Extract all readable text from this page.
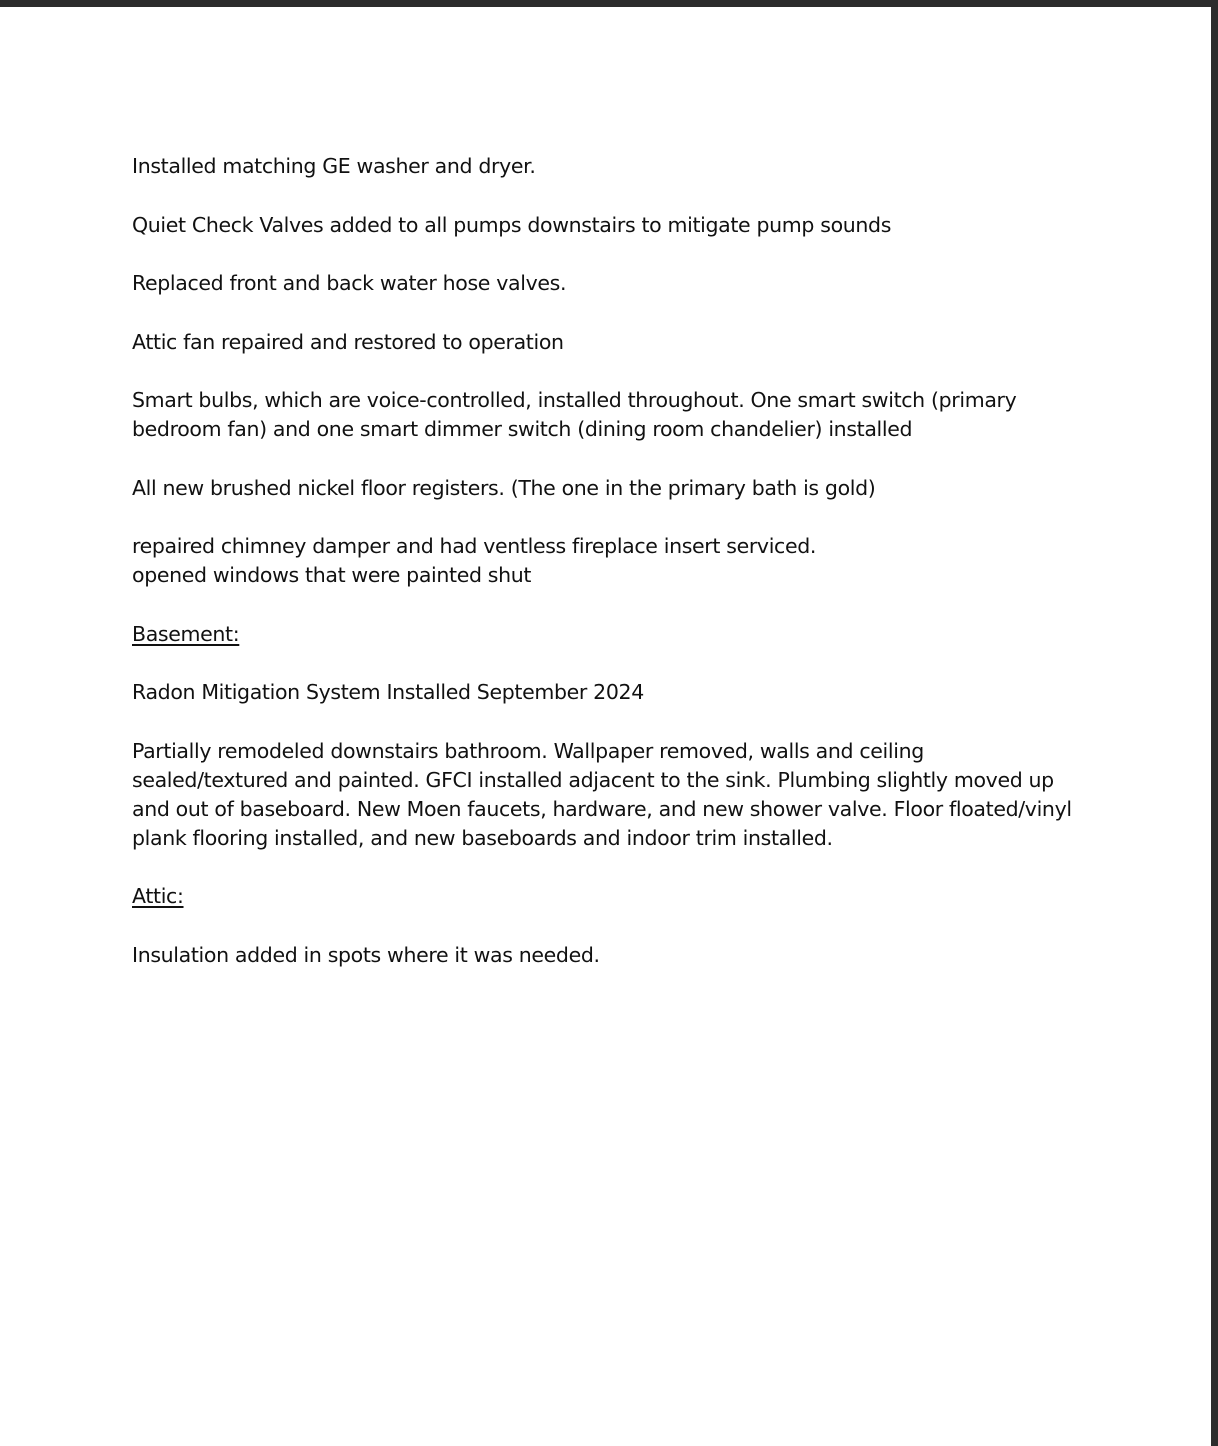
Installed matching GE washer and dryer.

Quiet Check Valves added to all pumps downstairs to mitigate pump sounds

Replaced front and back water hose valves.

Attic fan repaired and restored to operation

Smart bulbs, which are voice-controlled, installed throughout. One smart switch (primary
bedroom fan) and one smart dimmer switch (dining room chandelier) installed

All new brushed nickel floor registers. (The one in the primary bath is gold)

repaired chimney damper and had ventless fireplace insert serviced.

opened windows that were painted shut

Basement:

Radon Mitigation System Installed September 2024

Partially remodeled downstairs bathroom. Wallpaper removed, walls and ceiling
sealed/textured and painted. GFCI installed adjacent to the sink. Plumbing slightly moved up
and out of baseboard. New Moen faucets, hardware, and new shower valve. Floor floated/vinyl
plank flooring installed, and new baseboards and indoor trim installed.

Attic:

Insulation added in spots where it was needed.
